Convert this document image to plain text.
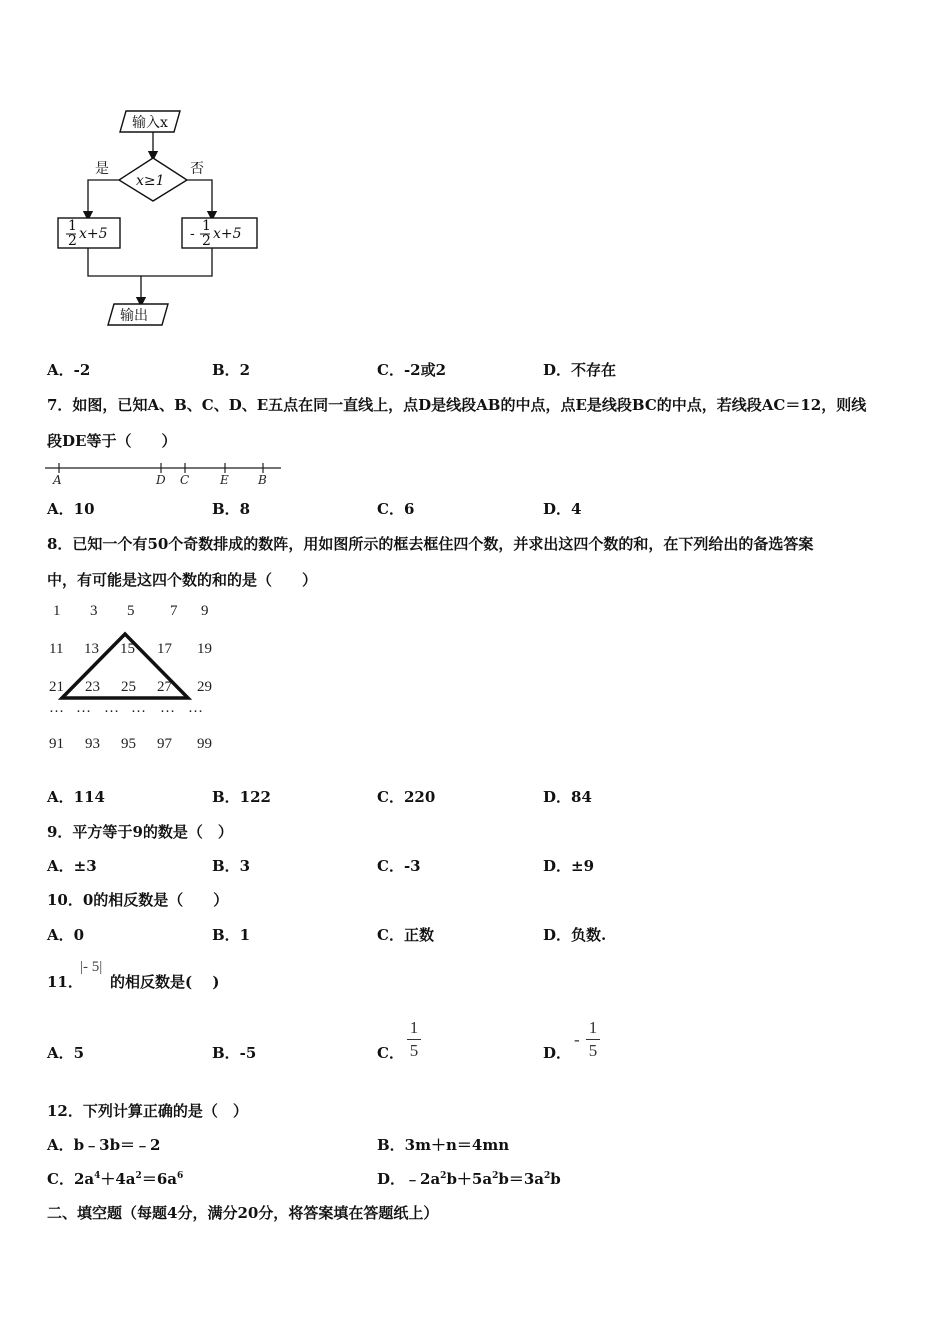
输入x
x≥1
是	否
1
2 x+5	- 1
2 x+5
输出
A．-2	B．2	C．-2或2	D．不存在
7．如图，已知A、B、C、D、E五点在同一直线上，点D是线段AB的中点，点E是线段BC的中点，若线段AC＝12，则线
段DE等于（　　）
A	D C	E B
A．10	B．8	C．6	D．4
8．已知一个有50个奇数排成的数阵，用如图所示的框去框住四个数，并求出这四个数的和，在下列给出的备选答案
中，有可能是这四个数的和的是（　　）
1 3 5 7 9
11 13 15 17 19
21 23 25 27 29
… … … … … …
91 93 95 97 99
A．114	B．122	C．220	D．84
9．平方等于9的数是（　）
A．±3	B．3	C．-3	D．±9
10．0的相反数是（　　）
A．0	B．1	C．正数	D．负数.
11．
|- 5|
的相反数是(　 )
A．5	B．-5	C．
1
5	D．
-
1
5
12．下列计算正确的是（　）
A．b﹣3b＝﹣2	B．3m＋n＝4mn
C．$2a^4+4a^2=6a^6$	D．$﹣2a^2b+5a^2b=3a^2b$
二、填空题（每题4分，满分20分，将答案填在答题纸上）
